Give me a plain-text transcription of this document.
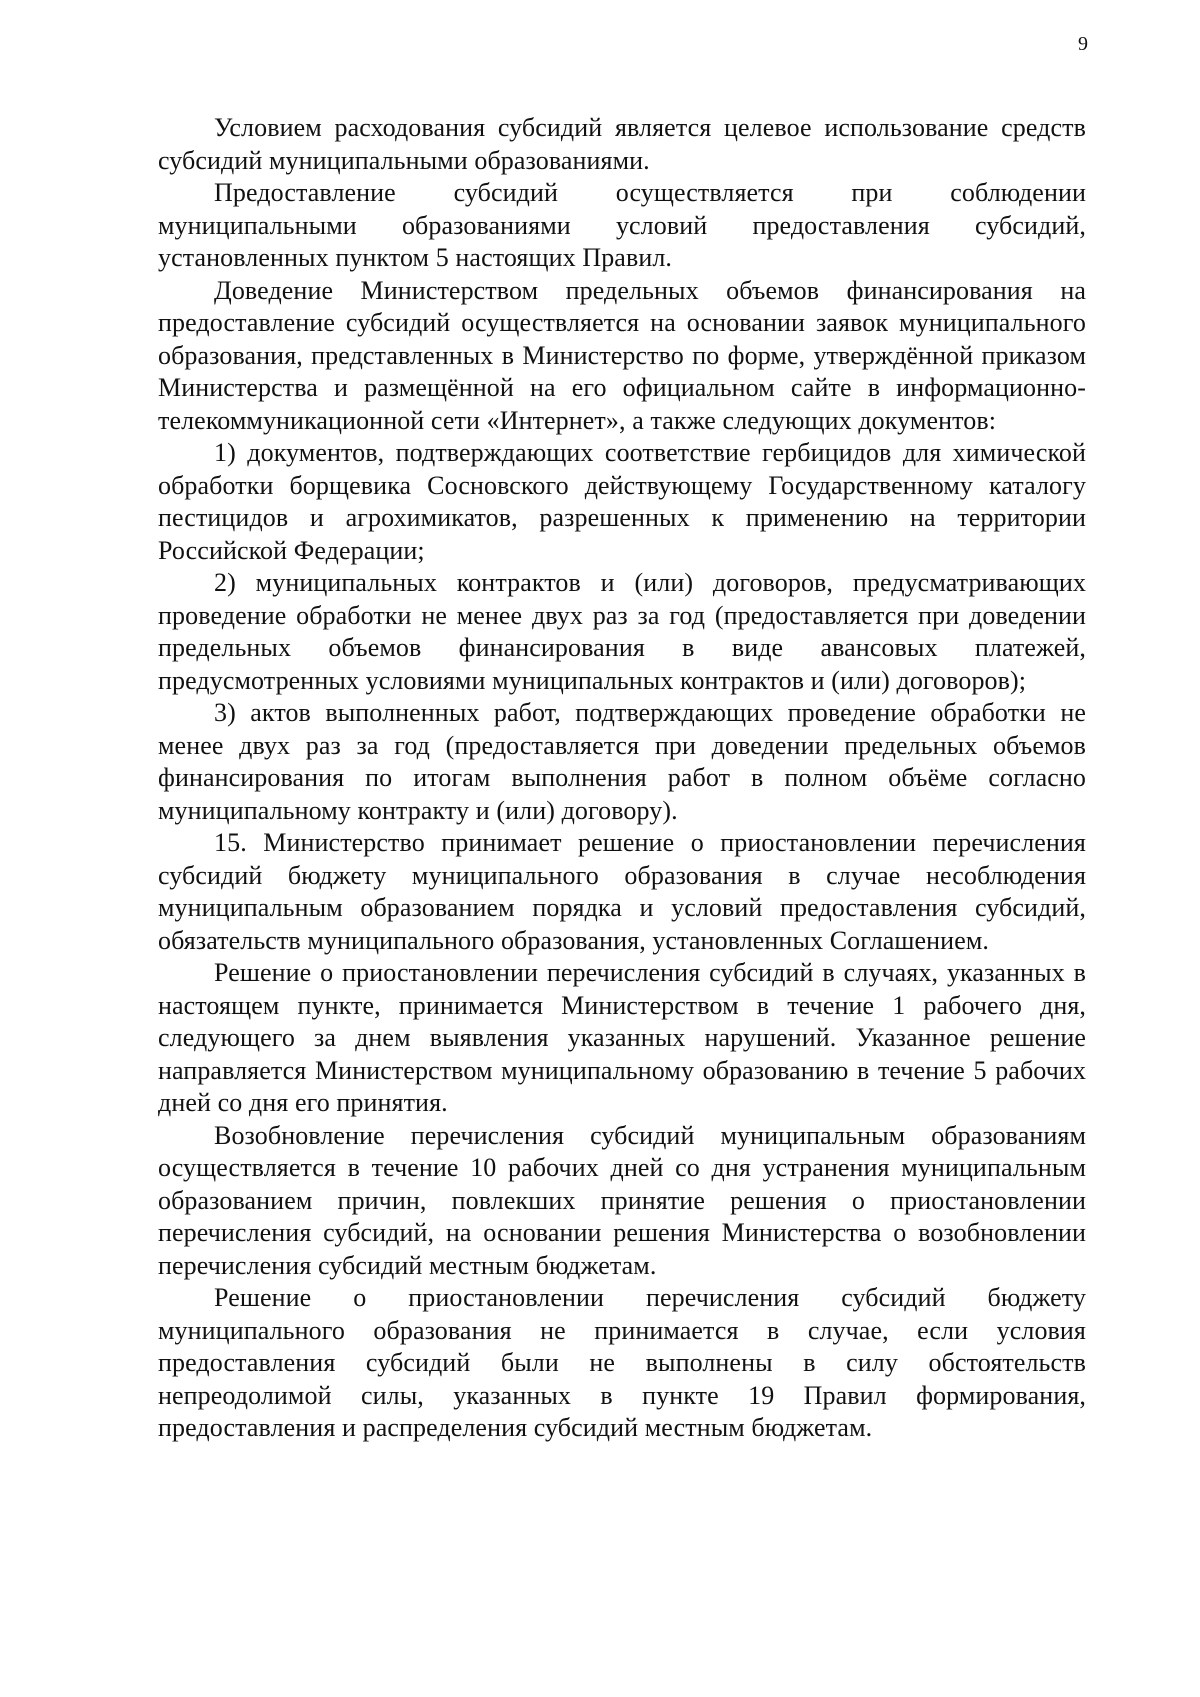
9

Условием расходования субсидий является целевое использование средств субсидий муниципальными образованиями.

Предоставление субсидий осуществляется при соблюдении муниципальными образованиями условий предоставления субсидий, установленных пунктом 5 настоящих Правил.

Доведение Министерством предельных объемов финансирования на предоставление субсидий осуществляется на основании заявок муниципального образования, представленных в Министерство по форме, утверждённой приказом Министерства и размещённой на его официальном сайте в информационно-телекоммуникационной сети «Интернет», а также следующих документов:

1) документов, подтверждающих соответствие гербицидов для химической обработки борщевика Сосновского действующему Государственному каталогу пестицидов и агрохимикатов, разрешенных к применению на территории Российской Федерации;

2) муниципальных контрактов и (или) договоров, предусматривающих проведение обработки не менее двух раз за год (предоставляется при доведении предельных объемов финансирования в виде авансовых платежей, предусмотренных условиями муниципальных контрактов и (или) договоров);

3) актов выполненных работ, подтверждающих проведение обработки не менее двух раз за год (предоставляется при доведении предельных объемов финансирования по итогам выполнения работ в полном объёме согласно муниципальному контракту и (или) договору).

15. Министерство принимает решение о приостановлении перечисления субсидий бюджету муниципального образования в случае несоблюдения муниципальным образованием порядка и условий предоставления субсидий, обязательств муниципального образования, установленных Соглашением.

Решение о приостановлении перечисления субсидий в случаях, указанных в настоящем пункте, принимается Министерством в течение 1 рабочего дня, следующего за днем выявления указанных нарушений. Указанное решение направляется Министерством муниципальному образованию в течение 5 рабочих дней со дня его принятия.

Возобновление перечисления субсидий муниципальным образованиям осуществляется в течение 10 рабочих дней со дня устранения муниципальным образованием причин, повлекших принятие решения о приостановлении перечисления субсидий, на основании решения Министерства о возобновлении перечисления субсидий местным бюджетам.

Решение о приостановлении перечисления субсидий бюджету муниципального образования не принимается в случае, если условия предоставления субсидий были не выполнены в силу обстоятельств непреодолимой силы, указанных в пункте 19 Правил формирования, предоставления и распределения субсидий местным бюджетам.
